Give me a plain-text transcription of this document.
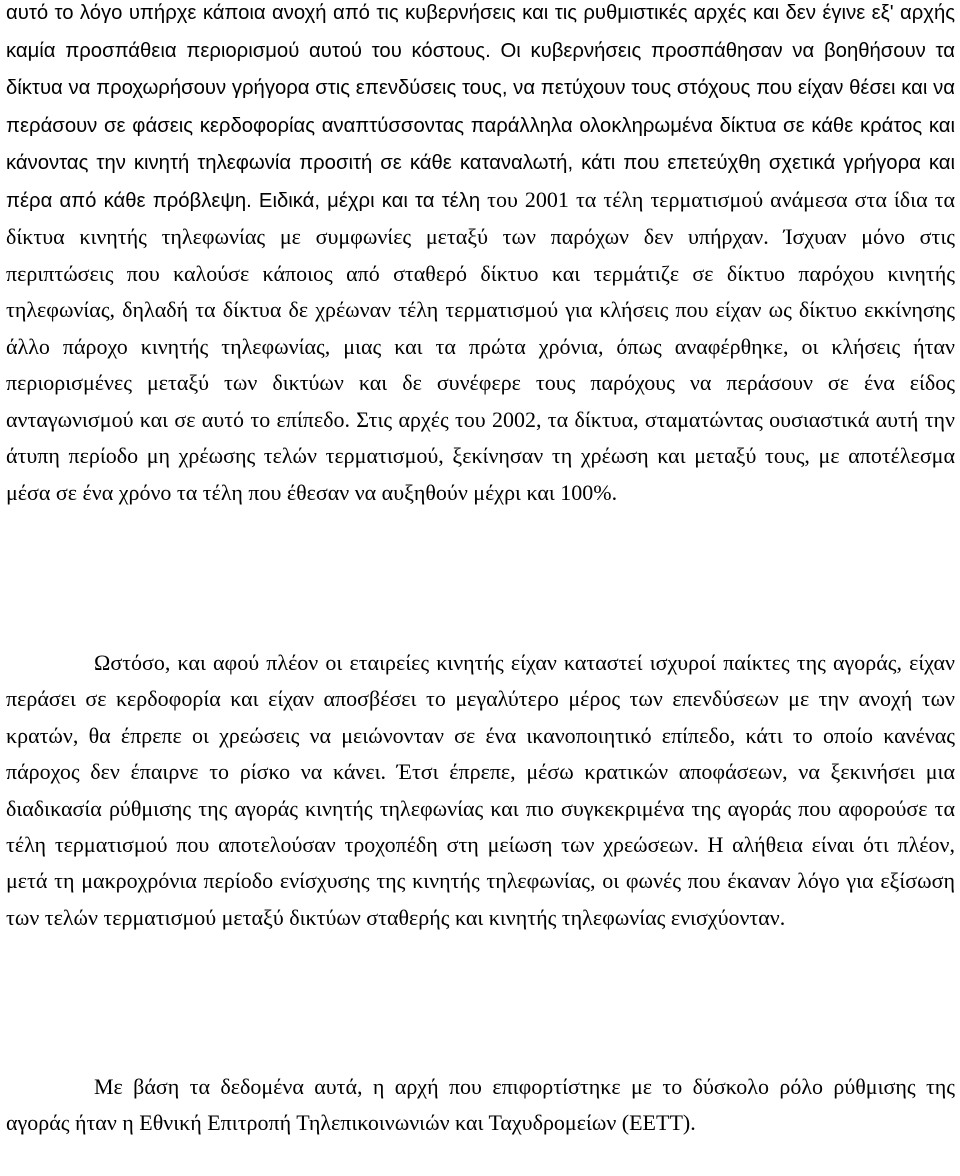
αυτό το λόγο υπήρχε κάποια ανοχή από τις κυβερνήσεις και τις ρυθμιστικές αρχές και δεν έγινε εξ' αρχής καμία προσπάθεια περιορισμού αυτού του κόστους. Οι κυβερνήσεις προσπάθησαν να βοηθήσουν τα δίκτυα να προχωρήσουν γρήγορα στις επενδύσεις τους, να πετύχουν τους στόχους που είχαν θέσει και να περάσουν σε φάσεις κερδοφορίας αναπτύσσοντας παράλληλα ολοκληρωμένα δίκτυα σε κάθε κράτος και κάνοντας την κινητή τηλεφωνία προσιτή σε κάθε καταναλωτή, κάτι που επετεύχθη σχετικά γρήγορα και πέρα από κάθε πρόβλεψη. Ειδικά, μέχρι και τα τέλη του 2001 τα τέλη τερματισμού ανάμεσα στα ίδια τα δίκτυα κινητής τηλεφωνίας με συμφωνίες μεταξύ των παρόχων δεν υπήρχαν. Ίσχυαν μόνο στις περιπτώσεις που καλούσε κάποιος από σταθερό δίκτυο και τερμάτιζε σε δίκτυο παρόχου κινητής τηλεφωνίας, δηλαδή τα δίκτυα δε χρέωναν τέλη τερματισμού για κλήσεις που είχαν ως δίκτυο εκκίνησης άλλο πάροχο κινητής τηλεφωνίας, μιας και τα πρώτα χρόνια, όπως αναφέρθηκε, οι κλήσεις ήταν περιορισμένες μεταξύ των δικτύων και δε συνέφερε τους παρόχους να περάσουν σε ένα είδος ανταγωνισμού και σε αυτό το επίπεδο. Στις αρχές του 2002, τα δίκτυα, σταματώντας ουσιαστικά αυτή την άτυπη περίοδο μη χρέωσης τελών τερματισμού, ξεκίνησαν τη χρέωση και μεταξύ τους, με αποτέλεσμα μέσα σε ένα χρόνο τα τέλη που έθεσαν να αυξηθούν μέχρι και 100%.

Ωστόσο, και αφού πλέον οι εταιρείες κινητής είχαν καταστεί ισχυροί παίκτες της αγοράς, είχαν περάσει σε κερδοφορία και είχαν αποσβέσει το μεγαλύτερο μέρος των επενδύσεων με την ανοχή των κρατών, θα έπρεπε οι χρεώσεις να μειώνονταν σε ένα ικανοποιητικό επίπεδο, κάτι το οποίο κανένας πάροχος δεν έπαιρνε το ρίσκο να κάνει. Έτσι έπρεπε, μέσω κρατικών αποφάσεων, να ξεκινήσει μια διαδικασία ρύθμισης της αγοράς κινητής τηλεφωνίας και πιο συγκεκριμένα της αγοράς που αφορούσε τα τέλη τερματισμού που αποτελούσαν τροχοπέδη στη μείωση των χρεώσεων. Η αλήθεια είναι ότι πλέον, μετά τη μακροχρόνια περίοδο ενίσχυσης της κινητής τηλεφωνίας, οι φωνές που έκαναν λόγο για εξίσωση των τελών τερματισμού μεταξύ δικτύων σταθερής και κινητής τηλεφωνίας ενισχύονταν.

Με βάση τα δεδομένα αυτά, η αρχή που επιφορτίστηκε με το δύσκολο ρόλο ρύθμισης της αγοράς ήταν η Εθνική Επιτροπή Τηλεπικοινωνιών και Ταχυδρομείων (ΕΕΤΤ).
